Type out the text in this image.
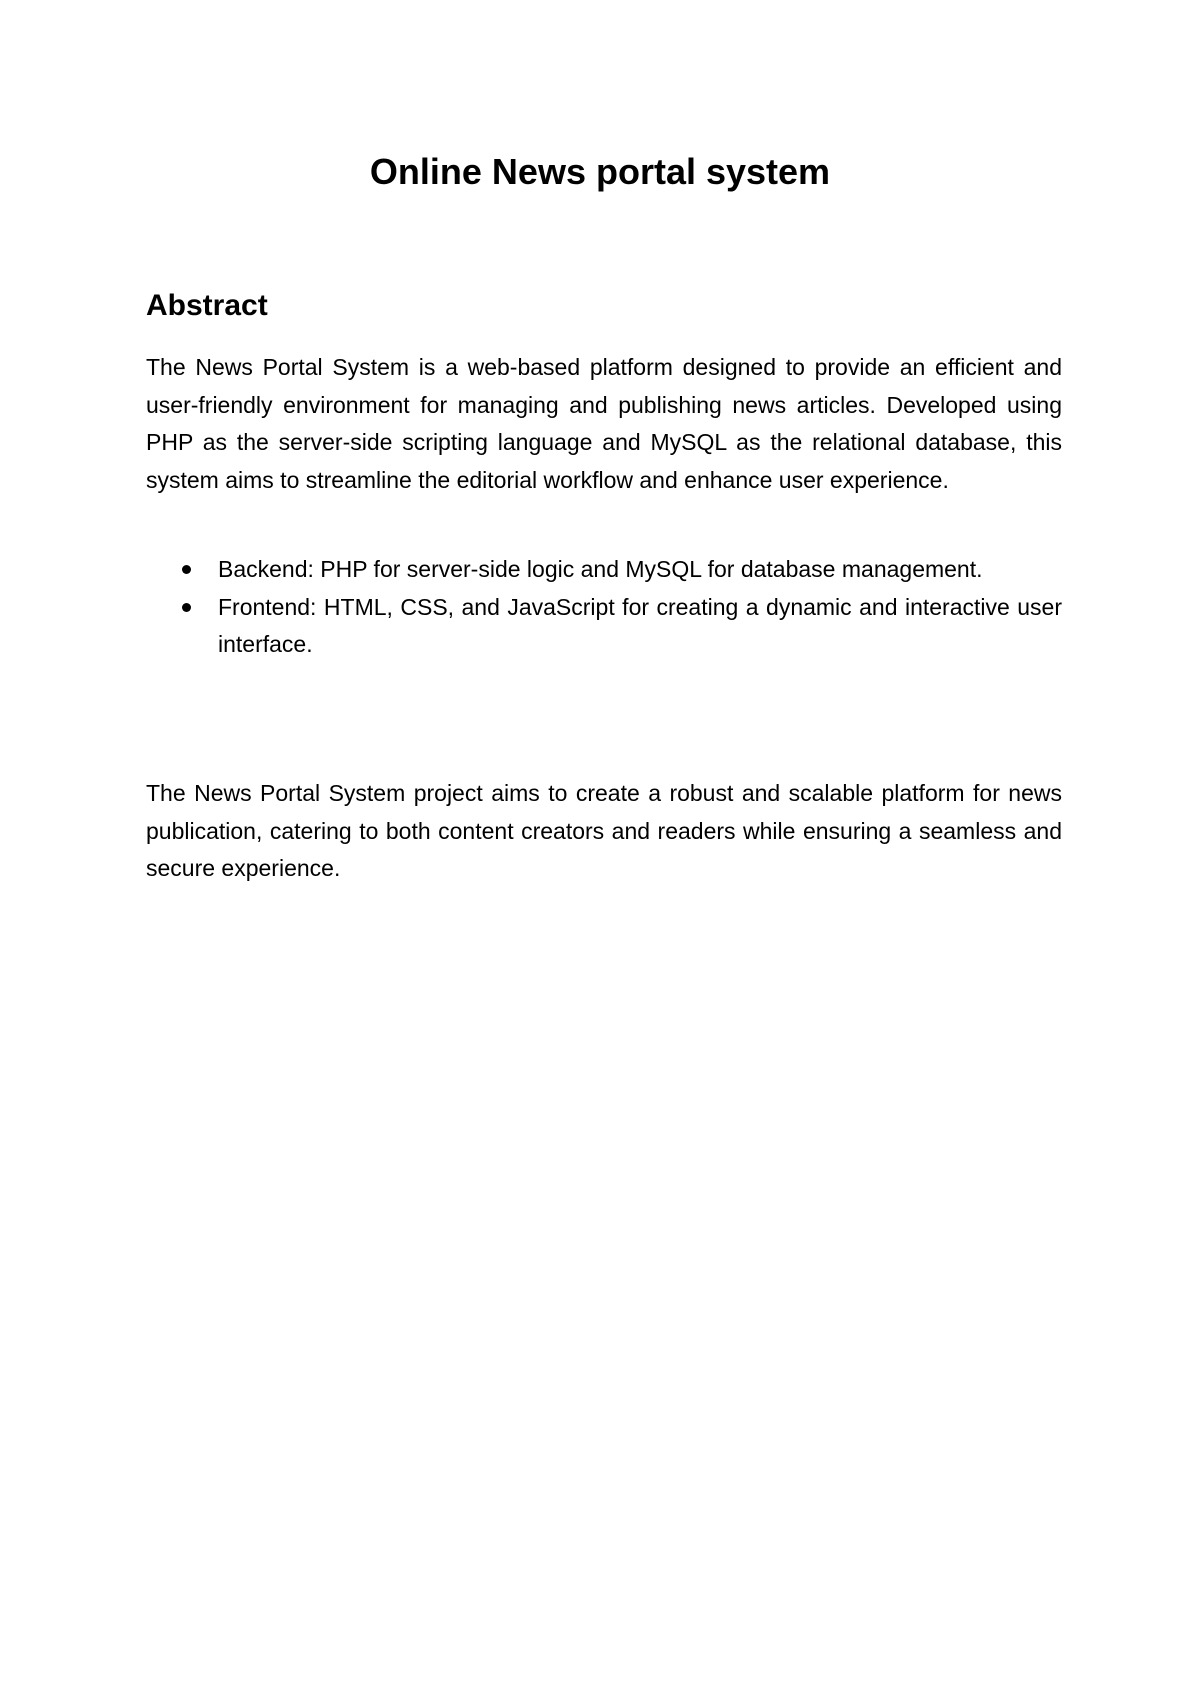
Online News portal system
Abstract

The News Portal System is a web-based platform designed to provide an efficient and user-friendly environment for managing and publishing news articles. Developed using PHP as the server-side scripting language and MySQL as the relational database, this system aims to streamline the editorial workflow and enhance user experience.

Backend: PHP for server-side logic and MySQL for database management.
Frontend: HTML, CSS, and JavaScript for creating a dynamic and interactive user interface.

The News Portal System project aims to create a robust and scalable platform for news publication, catering to both content creators and readers while ensuring a seamless and secure experience.
